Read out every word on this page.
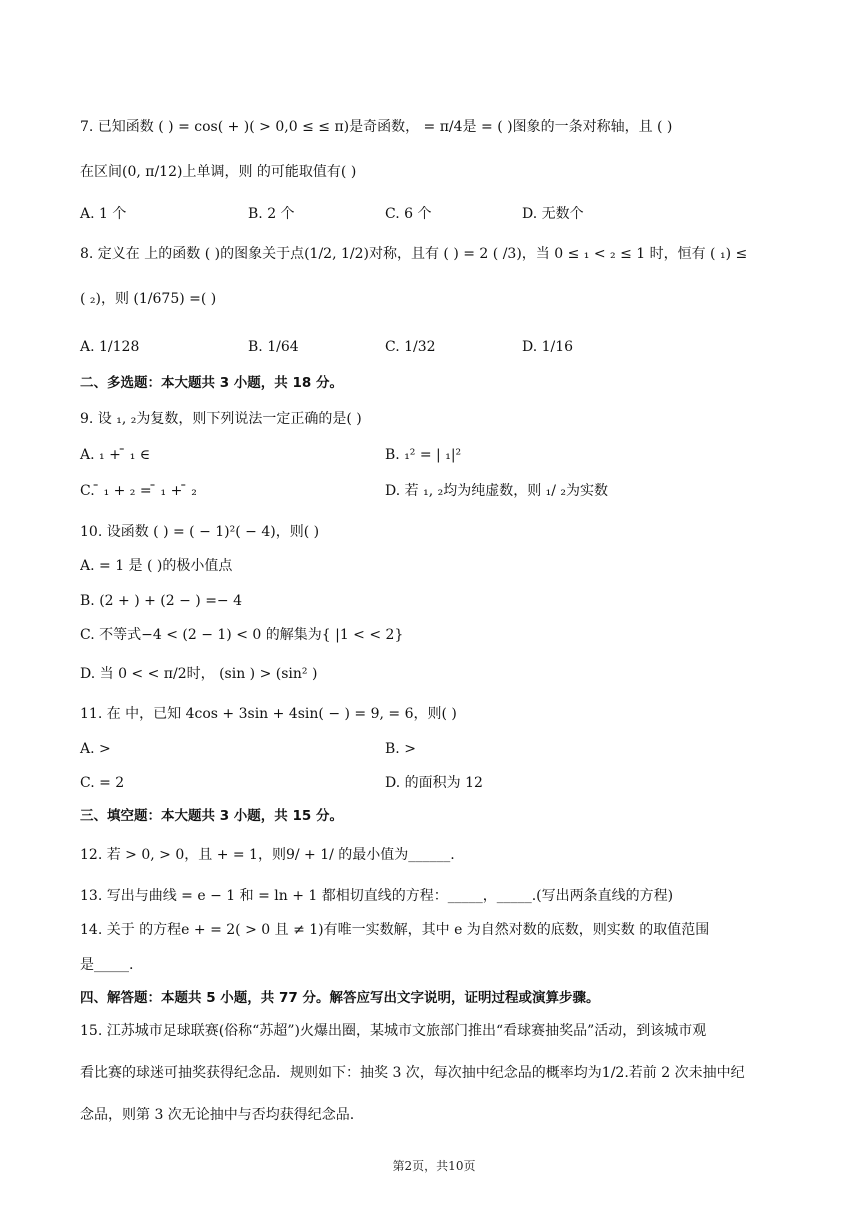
7. 已知函数 ( ) = cos( + )( > 0,0 ≤ ≤ π)是奇函数， = π/4是 = ( )图象的一条对称轴，且 ( )
在区间(0, π/12)上单调，则 的可能取值有( )
A. 1 个	B. 2 个	C. 6 个	D. 无数个
8. 定义在 上的函数 ( )的图象关于点(1/2, 1/2)对称，且有 ( ) = 2 ( /3)，当 0 ≤ ₁ < ₂ ≤ 1 时，恒有 ( ₁) ≤
( ₂)，则 (1/675) =( )
A. 1/128	B. 1/64	C. 1/32	D. 1/16
二、多选题：本大题共 3 小题，共 18 分。
9. 设 ₁, ₂为复数，则下列说法一定正确的是( )
A. ₁ + ̄ ₁ ∈	B. ₁² = | ₁|²
C. ̄ ₁ + ₂ = ̄ ₁ + ̄ ₂	D. 若 ₁, ₂均为纯虚数，则 ₁/ ₂为实数
10. 设函数 ( ) = ( − 1)²( − 4)，则( )
A. = 1 是 ( )的极小值点
B. (2 + ) + (2 − ) =− 4
C. 不等式−4 < (2 − 1) < 0 的解集为{ |1 < < 2}
D. 当 0 < < π/2时， (sin ) > (sin² )
11. 在 中，已知 4cos + 3sin + 4sin( − ) = 9, = 6，则( )
A. >	B. >
C. = 2	D. 的面积为 12
三、填空题：本大题共 3 小题，共 15 分。
12. 若 > 0, > 0，且 + = 1，则9/ + 1/ 的最小值为______.
13. 写出与曲线 = e − 1 和 = ln + 1 都相切直线的方程：_____，_____.(写出两条直线的方程)
14. 关于 的方程e + = 2( > 0 且 ≠ 1)有唯一实数解，其中 e 为自然对数的底数，则实数 的取值范围
是_____.
四、解答题：本题共 5 小题，共 77 分。解答应写出文字说明，证明过程或演算步骤。
15. 江苏城市足球联赛(俗称“苏超”)火爆出圈，某城市文旅部门推出“看球赛抽奖品”活动，到该城市观
看比赛的球迷可抽奖获得纪念品．规则如下：抽奖 3 次，每次抽中纪念品的概率均为1/2.若前 2 次未抽中纪
念品，则第 3 次无论抽中与否均获得纪念品.
第2页，共10页
